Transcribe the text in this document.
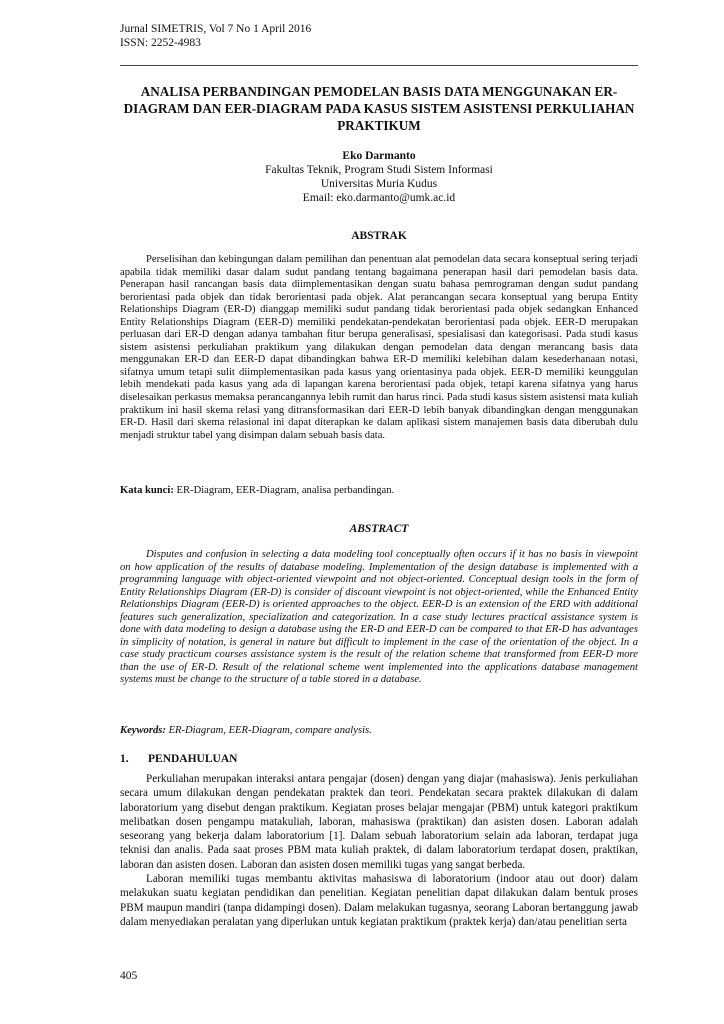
Jurnal SIMETRIS, Vol 7 No 1 April 2016
ISSN: 2252-4983
ANALISA PERBANDINGAN PEMODELAN BASIS DATA MENGGUNAKAN ER-DIAGRAM DAN EER-DIAGRAM PADA KASUS SISTEM ASISTENSI PERKULIAHAN PRAKTIKUM
Eko Darmanto
Fakultas Teknik, Program Studi Sistem Informasi
Universitas Muria Kudus
Email: eko.darmanto@umk.ac.id
ABSTRAK

Perselisihan dan kebingungan dalam pemilihan dan penentuan alat pemodelan data secara konseptual sering terjadi apabila tidak memiliki dasar dalam sudut pandang tentang bagaimana penerapan hasil dari pemodelan basis data. Penerapan hasil rancangan basis data diimplementasikan dengan suatu bahasa pemrograman dengan sudut pandang berorientasi pada objek dan tidak berorientasi pada objek. Alat perancangan secara konseptual yang berupa Entity Relationships Diagram (ER-D) dianggap memiliki sudut pandang tidak berorientasi pada objek sedangkan Enhanced Entity Relationships Diagram (EER-D) memiliki pendekatan-pendekatan berorientasi pada objek. EER-D merupakan perluasan dari ER-D dengan adanya tambahan fitur berupa generalisasi, spesialisasi dan kategorisasi. Pada studi kasus sistem asistensi perkuliahan praktikum yang dilakukan dengan pemodelan data dengan merancang basis data menggunakan ER-D dan EER-D dapat dibandingkan bahwa ER-D memiliki kelebihan dalam kesederhanaan notasi, sifatnya umum tetapi sulit diimplementasikan pada kasus yang orientasinya pada objek. EER-D memiliki keunggulan lebih mendekati pada kasus yang ada di lapangan karena berorientasi pada objek, tetapi karena sifatnya yang harus diselesaikan perkasus memaksa perancangannya lebih rumit dan harus rinci. Pada studi kasus sistem asistensi mata kuliah praktikum ini hasil skema relasi yang ditransformasikan dari EER-D lebih banyak dibandingkan dengan menggunakan ER-D. Hasil dari skema relasional ini dapat diterapkan ke dalam aplikasi sistem manajemen basis data diberubah dulu menjadi struktur tabel yang disimpan dalam sebuah basis data.

Kata kunci: ER-Diagram, EER-Diagram, analisa perbandingan.
ABSTRACT

Disputes and confusion in selecting a data modeling tool conceptually often occurs if it has no basis in viewpoint on how application of the results of database modeling. Implementation of the design database is implemented with a programming language with object-oriented viewpoint and not object-oriented. Conceptual design tools in the form of Entity Relationships Diagram (ER-D) is consider of discount viewpoint is not object-oriented, while the Enhanced Entity Relationships Diagram (EER-D) is oriented approaches to the object. EER-D is an extension of the ERD with additional features such generalization, specialization and categorization. In a case study lectures practical assistance system is done with data modeling to design a database using the ER-D and EER-D can be compared to that ER-D has advantages in simplicity of notation, is general in nature but difficult to implement in the case of the orientation of the object. In a case study practicum courses assistance system is the result of the relation scheme that transformed from EER-D more than the use of ER-D. Result of the relational scheme went implemented into the applications database management systems must be change to the structure of a table stored in a database.

Keywords: ER-Diagram, EER-Diagram, compare analysis.
1. PENDAHULUAN

Perkuliahan merupakan interaksi antara pengajar (dosen) dengan yang diajar (mahasiswa). Jenis perkuliahan secara umum dilakukan dengan pendekatan praktek dan teori. Pendekatan secara praktek dilakukan di dalam laboratorium yang disebut dengan praktikum. Kegiatan proses belajar mengajar (PBM) untuk kategori praktikum melibatkan dosen pengampu matakuliah, laboran, mahasiswa (praktikan) dan asisten dosen. Laboran adalah seseorang yang bekerja dalam laboratorium [1]. Dalam sebuah laboratorium selain ada laboran, terdapat juga teknisi dan analis. Pada saat proses PBM mata kuliah praktek, di dalam laboratorium terdapat dosen, praktikan, laboran dan asisten dosen. Laboran dan asisten dosen memiliki tugas yang sangat berbeda.

Laboran memiliki tugas membantu aktivitas mahasiswa di laboratorium (indoor atau out door) dalam melakukan suatu kegiatan pendidikan dan penelitian. Kegiatan penelitian dapat dilakukan dalam bentuk proses PBM maupun mandiri (tanpa didampingi dosen). Dalam melakukan tugasnya, seorang Laboran bertanggung jawab dalam menyediakan peralatan yang diperlukan untuk kegiatan praktikum (praktek kerja) dan/atau penelitian serta

405
